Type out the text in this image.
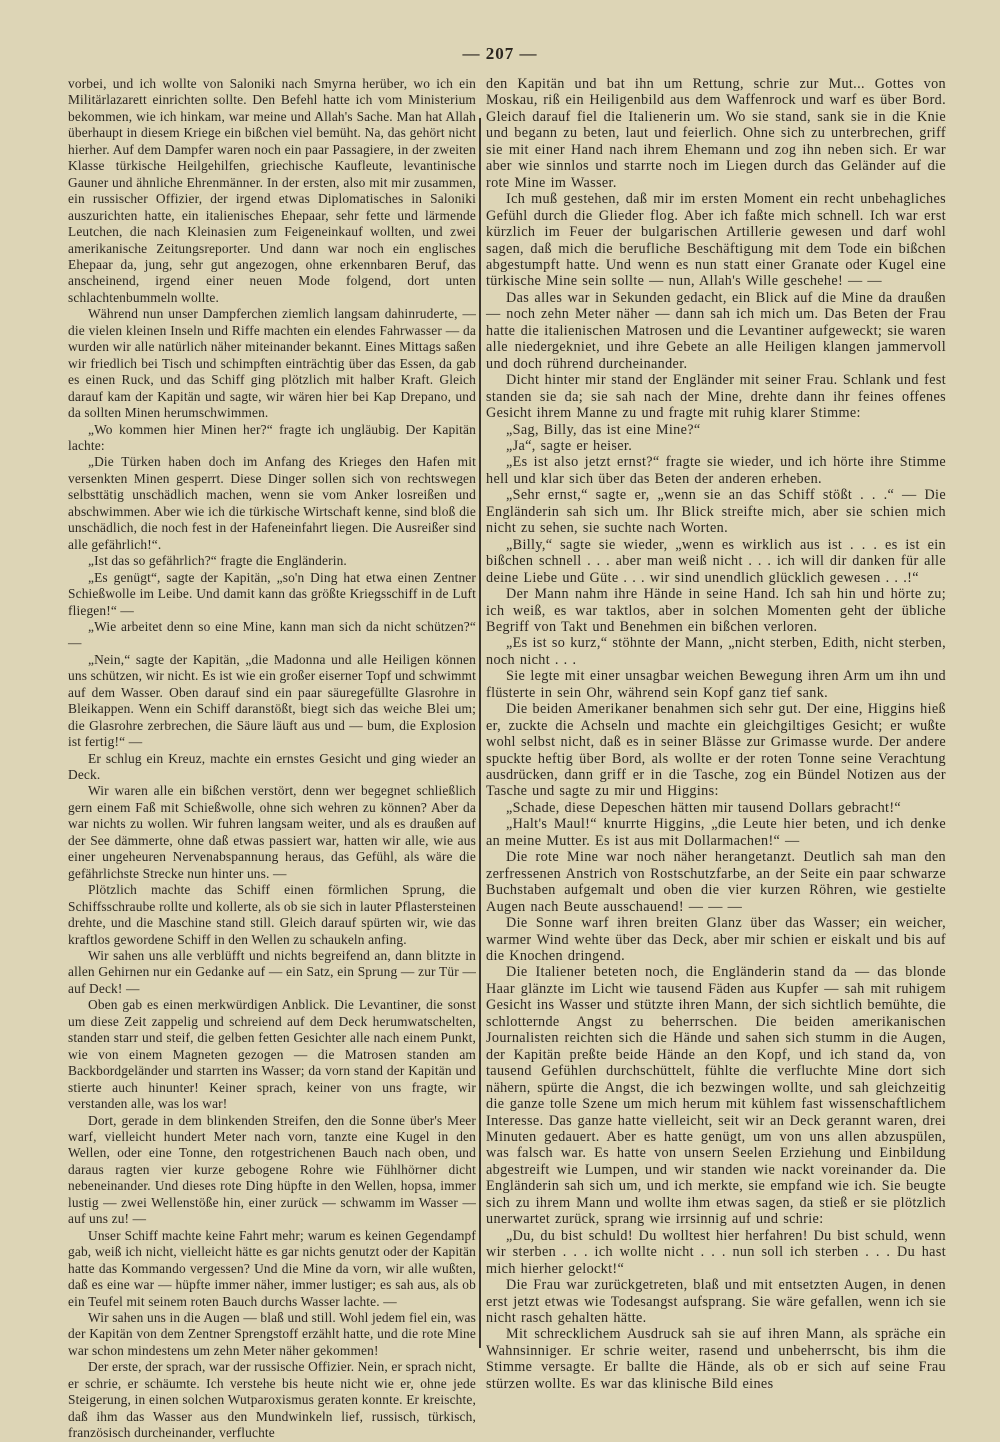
— 207 —

vorbei, und ich wollte von Saloniki nach Smyrna herüber, wo ich ein Militärlazarett einrichten sollte. Den Befehl hatte ich vom Ministerium bekommen, wie ich hinkam, war meine und Allah's Sache. Man hat Allah überhaupt in diesem Kriege ein bißchen viel bemüht. Na, das gehört nicht hierher. Auf dem Dampfer waren noch ein paar Passagiere, in der zweiten Klasse türkische Heilgehilfen, griechische Kaufleute, levantinische Gauner und ähnliche Ehrenmänner. In der ersten, also mit mir zusammen, ein russischer Offizier, der irgend etwas Diplomatisches in Saloniki auszurichten hatte, ein italienisches Ehepaar, sehr fette und lärmende Leutchen, die nach Kleinasien zum Feigeneinkauf wollten, und zwei amerikanische Zeitungsreporter. Und dann war noch ein englisches Ehepaar da, jung, sehr gut angezogen, ohne erkennbaren Beruf, das anscheinend, irgend einer neuen Mode folgend, dort unten schlachtenbummeln wollte.

Während nun unser Dampferchen ziemlich langsam dahinruderte, — die vielen kleinen Inseln und Riffe machten ein elendes Fahrwasser — da wurden wir alle natürlich näher miteinander bekannt. Eines Mittags saßen wir friedlich bei Tisch und schimpften einträchtig über das Essen, da gab es einen Ruck, und das Schiff ging plötzlich mit halber Kraft. Gleich darauf kam der Kapitän und sagte, wir wären hier bei Kap Drepano, und da sollten Minen herumschwimmen.

„Wo kommen hier Minen her?“ fragte ich ungläubig. Der Kapitän lachte:

„Die Türken haben doch im Anfang des Krieges den Hafen mit versenkten Minen gesperrt. Diese Dinger sollen sich von rechtswegen selbsttätig unschädlich machen, wenn sie vom Anker losreißen und abschwimmen. Aber wie ich die türkische Wirtschaft kenne, sind bloß die unschädlich, die noch fest in der Hafeneinfahrt liegen. Die Ausreißer sind alle gefährlich!“.

„Ist das so gefährlich?“ fragte die Engländerin.

„Es genügt“, sagte der Kapitän, „so'n Ding hat etwa einen Zentner Schießwolle im Leibe. Und damit kann das größte Kriegsschiff in de Luft fliegen!“ —

„Wie arbeitet denn so eine Mine, kann man sich da nicht schützen?“ —

„Nein,“ sagte der Kapitän, „die Madonna und alle Heiligen können uns schützen, wir nicht. Es ist wie ein großer eiserner Topf und schwimmt auf dem Wasser. Oben darauf sind ein paar säuregefüllte Glasrohre in Bleikappen. Wenn ein Schiff daranstößt, biegt sich das weiche Blei um; die Glasrohre zerbrechen, die Säure läuft aus und — bum, die Explosion ist fertig!“ —

Er schlug ein Kreuz, machte ein ernstes Gesicht und ging wieder an Deck.

Wir waren alle ein bißchen verstört, denn wer begegnet schließlich gern einem Faß mit Schießwolle, ohne sich wehren zu können? Aber da war nichts zu wollen. Wir fuhren langsam weiter, und als es draußen auf der See dämmerte, ohne daß etwas passiert war, hatten wir alle, wie aus einer ungeheuren Nervenabspannung heraus, das Gefühl, als wäre die gefährlichste Strecke nun hinter uns. —

Plötzlich machte das Schiff einen förmlichen Sprung, die Schiffsschraube rollte und kollerte, als ob sie sich in lauter Pflastersteinen drehte, und die Maschine stand still. Gleich darauf spürten wir, wie das kraftlos gewordene Schiff in den Wellen zu schaukeln anfing.

Wir sahen uns alle verblüfft und nichts begreifend an, dann blitzte in allen Gehirnen nur ein Gedanke auf — ein Satz, ein Sprung — zur Tür — auf Deck! —

Oben gab es einen merkwürdigen Anblick. Die Levantiner, die sonst um diese Zeit zappelig und schreiend auf dem Deck herumwatschelten, standen starr und steif, die gelben fetten Gesichter alle nach einem Punkt, wie von einem Magneten gezogen — die Matrosen standen am Backbordgeländer und starrten ins Wasser; da vorn stand der Kapitän und stierte auch hinunter! Keiner sprach, keiner von uns fragte, wir verstanden alle, was los war!

Dort, gerade in dem blinkenden Streifen, den die Sonne über's Meer warf, vielleicht hundert Meter nach vorn, tanzte eine Kugel in den Wellen, oder eine Tonne, den rotgestrichenen Bauch nach oben, und daraus ragten vier kurze gebogene Rohre wie Fühlhörner dicht nebeneinander. Und dieses rote Ding hüpfte in den Wellen, hopsa, immer lustig — zwei Wellenstöße hin, einer zurück — schwamm im Wasser — auf uns zu! —

Unser Schiff machte keine Fahrt mehr; warum es keinen Gegendampf gab, weiß ich nicht, vielleicht hätte es gar nichts genutzt oder der Kapitän hatte das Kommando vergessen? Und die Mine da vorn, wir alle wußten, daß es eine war — hüpfte immer näher, immer lustiger; es sah aus, als ob ein Teufel mit seinem roten Bauch durchs Wasser lachte. —

Wir sahen uns in die Augen — blaß und still. Wohl jedem fiel ein, was der Kapitän von dem Zentner Sprengstoff erzählt hatte, und die rote Mine war schon mindestens um zehn Meter näher gekommen!

Der erste, der sprach, war der russische Offizier. Nein, er sprach nicht, er schrie, er schäumte. Ich verstehe bis heute nicht wie er, ohne jede Steigerung, in einen solchen Wutparoxismus geraten konnte. Er kreischte, daß ihm das Wasser aus den Mundwinkeln lief, russisch, türkisch, französisch durcheinander, verfluchte

den Kapitän und bat ihn um Rettung, schrie zur Mut... Gottes von Moskau, riß ein Heiligenbild aus dem Waffenrock und warf es über Bord. Gleich darauf fiel die Italienerin um. Wo sie stand, sank sie in die Knie und begann zu beten, laut und feierlich. Ohne sich zu unterbrechen, griff sie mit einer Hand nach ihrem Ehemann und zog ihn neben sich. Er war aber wie sinnlos und starrte noch im Liegen durch das Geländer auf die rote Mine im Wasser.

Ich muß gestehen, daß mir im ersten Moment ein recht unbehagliches Gefühl durch die Glieder flog. Aber ich faßte mich schnell. Ich war erst kürzlich im Feuer der bulgarischen Artillerie gewesen und darf wohl sagen, daß mich die berufliche Beschäftigung mit dem Tode ein bißchen abgestumpft hatte. Und wenn es nun statt einer Granate oder Kugel eine türkische Mine sein sollte — nun, Allah's Wille geschehe! — —

Das alles war in Sekunden gedacht, ein Blick auf die Mine da draußen — noch zehn Meter näher — dann sah ich mich um. Das Beten der Frau hatte die italienischen Matrosen und die Levantiner aufgeweckt; sie waren alle niedergekniet, und ihre Gebete an alle Heiligen klangen jammervoll und doch rührend durcheinander.

Dicht hinter mir stand der Engländer mit seiner Frau. Schlank und fest standen sie da; sie sah nach der Mine, drehte dann ihr feines offenes Gesicht ihrem Manne zu und fragte mit ruhig klarer Stimme:

„Sag, Billy, das ist eine Mine?“

„Ja“, sagte er heiser.

„Es ist also jetzt ernst?“ fragte sie wieder, und ich hörte ihre Stimme hell und klar sich über das Beten der anderen erheben.

„Sehr ernst,“ sagte er, „wenn sie an das Schiff stößt . . .“ — Die Engländerin sah sich um. Ihr Blick streifte mich, aber sie schien mich nicht zu sehen, sie suchte nach Worten.

„Billy,“ sagte sie wieder, „wenn es wirklich aus ist . . . es ist ein bißchen schnell . . . aber man weiß nicht . . . ich will dir danken für alle deine Liebe und Güte . . . wir sind unendlich glücklich gewesen . . .!“

Der Mann nahm ihre Hände in seine Hand. Ich sah hin und hörte zu; ich weiß, es war taktlos, aber in solchen Momenten geht der übliche Begriff von Takt und Benehmen ein bißchen verloren.

„Es ist so kurz,“ stöhnte der Mann, „nicht sterben, Edith, nicht sterben, noch nicht . . .

Sie legte mit einer unsagbar weichen Bewegung ihren Arm um ihn und flüsterte in sein Ohr, während sein Kopf ganz tief sank.

Die beiden Amerikaner benahmen sich sehr gut. Der eine, Higgins hieß er, zuckte die Achseln und machte ein gleichgiltiges Gesicht; er wußte wohl selbst nicht, daß es in seiner Blässe zur Grimasse wurde. Der andere spuckte heftig über Bord, als wollte er der roten Tonne seine Verachtung ausdrücken, dann griff er in die Tasche, zog ein Bündel Notizen aus der Tasche und sagte zu mir und Higgins:

„Schade, diese Depeschen hätten mir tausend Dollars gebracht!“

„Halt's Maul!“ knurrte Higgins, „die Leute hier beten, und ich denke an meine Mutter. Es ist aus mit Dollarmachen!“ —

Die rote Mine war noch näher herangetanzt. Deutlich sah man den zerfressenen Anstrich von Rostschutzfarbe, an der Seite ein paar schwarze Buchstaben aufgemalt und oben die vier kurzen Röhren, wie gestielte Augen nach Beute ausschauend! — — —

Die Sonne warf ihren breiten Glanz über das Wasser; ein weicher, warmer Wind wehte über das Deck, aber mir schien er eiskalt und bis auf die Knochen dringend.

Die Italiener beteten noch, die Engländerin stand da — das blonde Haar glänzte im Licht wie tausend Fäden aus Kupfer — sah mit ruhigem Gesicht ins Wasser und stützte ihren Mann, der sich sichtlich bemühte, die schlotternde Angst zu beherrschen. Die beiden amerikanischen Journalisten reichten sich die Hände und sahen sich stumm in die Augen, der Kapitän preßte beide Hände an den Kopf, und ich stand da, von tausend Gefühlen durchschüttelt, fühlte die verfluchte Mine dort sich nähern, spürte die Angst, die ich bezwingen wollte, und sah gleichzeitig die ganze tolle Szene um mich herum mit kühlem fast wissenschaftlichem Interesse. Das ganze hatte vielleicht, seit wir an Deck gerannt waren, drei Minuten gedauert. Aber es hatte genügt, um von uns allen abzuspülen, was falsch war. Es hatte von unsern Seelen Erziehung und Einbildung abgestreift wie Lumpen, und wir standen wie nackt voreinander da. Die Engländerin sah sich um, und ich merkte, sie empfand wie ich. Sie beugte sich zu ihrem Mann und wollte ihm etwas sagen, da stieß er sie plötzlich unerwartet zurück, sprang wie irrsinnig auf und schrie:

„Du, du bist schuld! Du wolltest hier herfahren! Du bist schuld, wenn wir sterben . . . ich wollte nicht . . . nun soll ich sterben . . . Du hast mich hierher gelockt!“

Die Frau war zurückgetreten, blaß und mit entsetzten Augen, in denen erst jetzt etwas wie Todesangst aufsprang. Sie wäre gefallen, wenn ich sie nicht rasch gehalten hätte.

Mit schrecklichem Ausdruck sah sie auf ihren Mann, als spräche ein Wahnsinniger. Er schrie weiter, rasend und unbeherrscht, bis ihm die Stimme versagte. Er ballte die Hände, als ob er sich auf seine Frau stürzen wollte. Es war das klinische Bild eines
